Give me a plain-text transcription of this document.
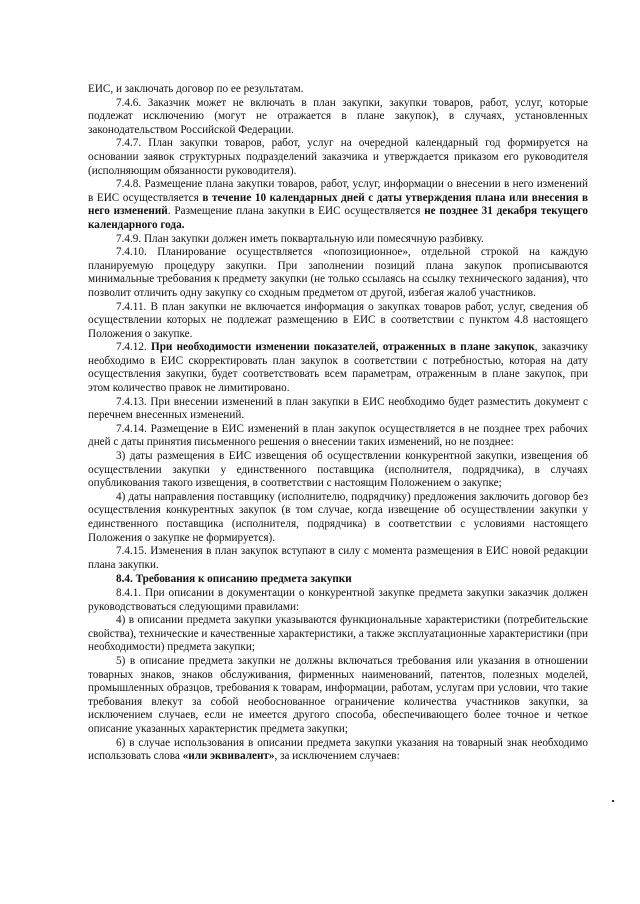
ЕИС, и заключать договор по ее результатам.

7.4.6. Заказчик может не включать в план закупки, закупки товаров, работ, услуг, которые подлежат исключению (могут не отражается в плане закупок), в случаях, установленных законодательством Российской Федерации.

7.4.7. План закупки товаров, работ, услуг на очередной календарный год формируется на основании заявок структурных подразделений заказчика и утверждается приказом его руководителя (исполняющим обязанности руководителя).

7.4.8. Размещение плана закупки товаров, работ, услуг, информации о внесении в него изменений в ЕИС осуществляется в течение 10 календарных дней с даты утверждения плана или внесения в него изменений. Размещение плана закупки в ЕИС осуществляется не позднее 31 декабря текущего календарного года.

7.4.9. План закупки должен иметь поквартальную или помесячную разбивку.

7.4.10. Планирование осуществляется «попозиционное», отдельной строкой на каждую планируемую процедуру закупки. При заполнении позиций плана закупок прописываются минимальные требования к предмету закупки (не только ссылаясь на ссылку технического задания), что позволит отличить одну закупку со сходным предметом от другой, избегая жалоб участников.

7.4.11. В план закупки не включается информация о закупках товаров работ, услуг, сведения об осуществлении которых не подлежат размещению в ЕИС в соответствии с пунктом 4.8 настоящего Положения о закупке.

7.4.12. При необходимости изменении показателей, отраженных в плане закупок, заказчику необходимо в ЕИС скорректировать план закупок в соответствии с потребностью, которая на дату осуществления закупки, будет соответствовать всем параметрам, отраженным в плане закупок, при этом количество правок не лимитировано.

7.4.13. При внесении изменений в план закупки в ЕИС необходимо будет разместить документ с перечнем внесенных изменений.

7.4.14. Размещение в ЕИС изменений в план закупок осуществляется в не позднее трех рабочих дней с даты принятия письменного решения о внесении таких изменений, но не позднее:

3) даты размещения в ЕИС извещения об осуществлении конкурентной закупки, извещения об осуществлении закупки у единственного поставщика (исполнителя, подрядчика), в случаях опубликования такого извещения, в соответствии с настоящим Положением о закупке;

4) даты направления поставщику (исполнителю, подрядчику) предложения заключить договор без осуществления конкурентных закупок (в том случае, когда извещение об осуществлении закупки у единственного поставщика (исполнителя, подрядчика) в соответствии с условиями настоящего Положения о закупке не формируется).

7.4.15. Изменения в план закупок вступают в силу с момента размещения в ЕИС новой редакции плана закупки.

8.4. Требования к описанию предмета закупки

8.4.1. При описании в документации о конкурентной закупке предмета закупки заказчик должен руководствоваться следующими правилами:

4) в описании предмета закупки указываются функциональные характеристики (потребительские свойства), технические и качественные характеристики, а также эксплуатационные характеристики (при необходимости) предмета закупки;

5) в описание предмета закупки не должны включаться требования или указания в отношении товарных знаков, знаков обслуживания, фирменных наименований, патентов, полезных моделей, промышленных образцов, требования к товарам, информации, работам, услугам при условии, что такие требования влекут за собой необоснованное ограничение количества участников закупки, за исключением случаев, если не имеется другого способа, обеспечивающего более точное и четкое описание указанных характеристик предмета закупки;

6) в случае использования в описании предмета закупки указания на товарный знак необходимо использовать слова «или эквивалент», за исключением случаев:
